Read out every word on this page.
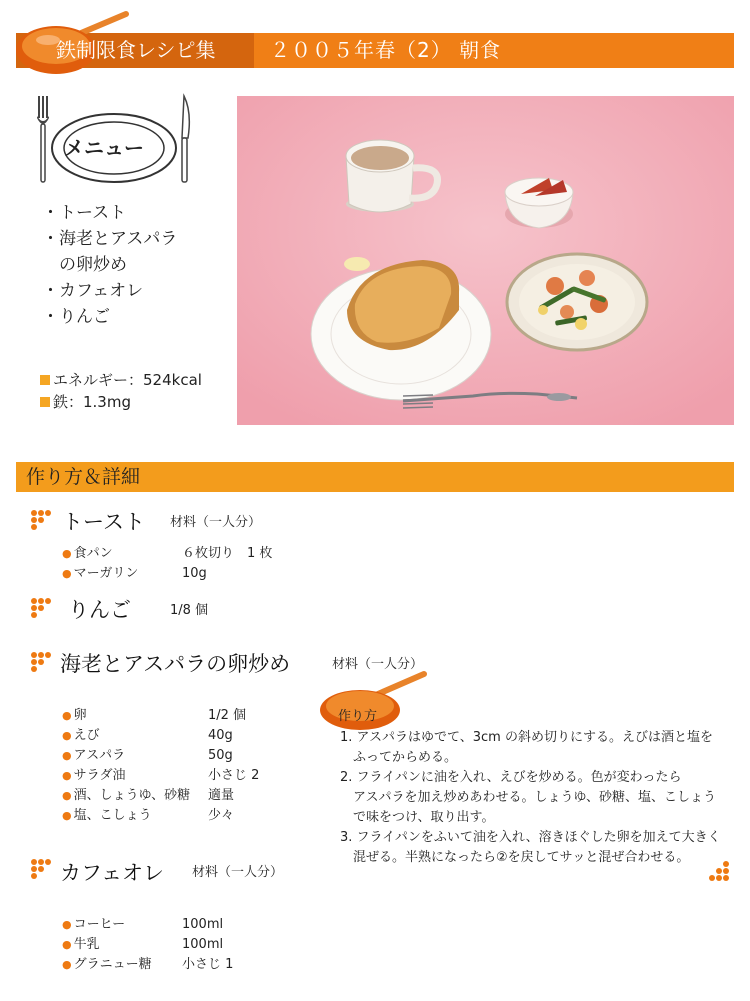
鉄制限食レシピ集	２００５年春（2） 朝食
メニュー
・トースト
・海老とアスパラ
　の卵炒め
・カフェオレ
・りんご
エネルギー：524kcal
鉄：1.3mg
作り方＆詳細
トースト 材料（一人分）
● 食パン	６枚切り　1 枚
● マーガリン	10g
りんご	1/8 個
海老とアスパラの卵炒め	材料（一人分）
● 卵	1/2 個
● えび	40g
● アスパラ	50g
● サラダ油	小さじ 2
● 酒、しょうゆ、砂糖 適量
● 塩、こしょう	少々
作り方
1. アスパラはゆでて、3cm の斜め切りにする。えびは酒と塩を
　ふってからめる。
2. フライパンに油を入れ、えびを炒める。色が変わったら
　アスパラを加え炒めあわせる。しょうゆ、砂糖、塩、こしょう
　で味をつけ、取り出す。
3. フライパンをふいて油を入れ、溶きほぐした卵を加えて大きく
　混ぜる。半熟になったら②を戻してサッと混ぜ合わせる。
カフェオレ 材料（一人分）
● コーヒー	100ml
● 牛乳	100ml
● グラニュー糖 小さじ 1
